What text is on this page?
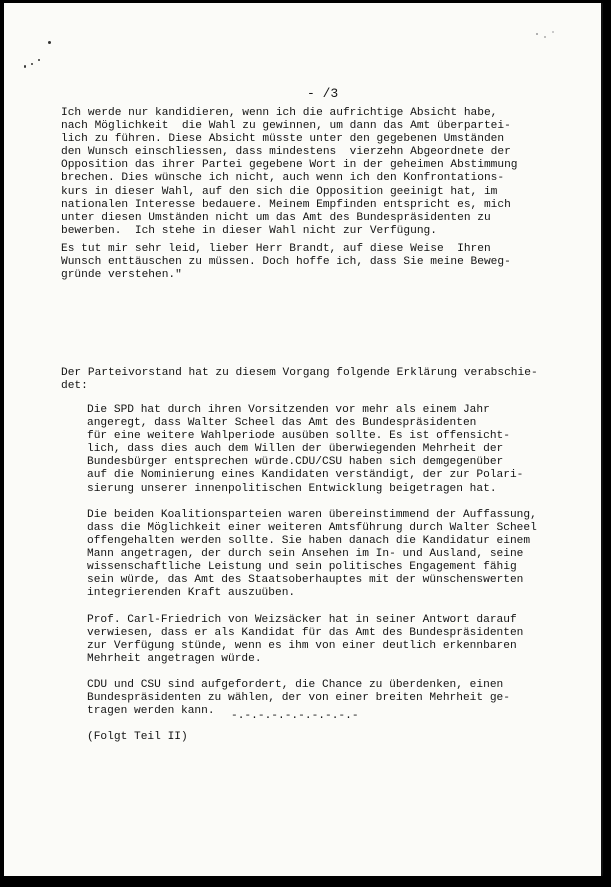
- /3
Ich werde nur kandidieren, wenn ich die aufrichtige Absicht habe,
nach Möglichkeit  die Wahl zu gewinnen, um dann das Amt überpartei-
lich zu führen. Diese Absicht müsste unter den gegebenen Umständen
den Wunsch einschliessen, dass mindestens  vierzehn Abgeordnete der
Opposition das ihrer Partei gegebene Wort in der geheimen Abstimmung
brechen. Dies wünsche ich nicht, auch wenn ich den Konfrontations-
kurs in dieser Wahl, auf den sich die Opposition geeinigt hat, im
nationalen Interesse bedauere. Meinem Empfinden entspricht es, mich
unter diesen Umständen nicht um das Amt des Bundespräsidenten zu
bewerben.  Ich stehe in dieser Wahl nicht zur Verfügung.
Es tut mir sehr leid, lieber Herr Brandt, auf diese Weise  Ihren
Wunsch enttäuschen zu müssen. Doch hoffe ich, dass Sie meine Beweg-
gründe verstehen."
Der Parteivorstand hat zu diesem Vorgang folgende Erklärung verabschie-
det:

Die SPD hat durch ihren Vorsitzenden vor mehr als einem Jahr
angeregt, dass Walter Scheel das Amt des Bundespräsidenten
für eine weitere Wahlperiode ausüben sollte. Es ist offensicht-
lich, dass dies auch dem Willen der überwiegenden Mehrheit der
Bundesbürger entsprechen würde.CDU/CSU haben sich demgegenüber
auf die Nominierung eines Kandidaten verständigt, der zur Polari-
sierung unserer innenpolitischen Entwicklung beigetragen hat.

Die beiden Koalitionsparteien waren übereinstimmend der Auffassung,
dass die Möglichkeit einer weiteren Amtsführung durch Walter Scheel
offengehalten werden sollte. Sie haben danach die Kandidatur einem
Mann angetragen, der durch sein Ansehen im In- und Ausland, seine
wissenschaftliche Leistung und sein politisches Engagement fähig
sein würde, das Amt des Staatsoberhauptes mit der wünschenswerten
integrierenden Kraft auszuüben.

Prof. Carl-Friedrich von Weizsäcker hat in seiner Antwort darauf
verwiesen, dass er als Kandidat für das Amt des Bundespräsidenten
zur Verfügung stünde, wenn es ihm von einer deutlich erkennbaren
Mehrheit angetragen würde.

CDU und CSU sind aufgefordert, die Chance zu überdenken, einen
Bundespräsidenten zu wählen, der von einer breiten Mehrheit ge-
tragen werden kann.	-.-.-.-.-.-.-.-.-.-
(Folgt Teil II)
